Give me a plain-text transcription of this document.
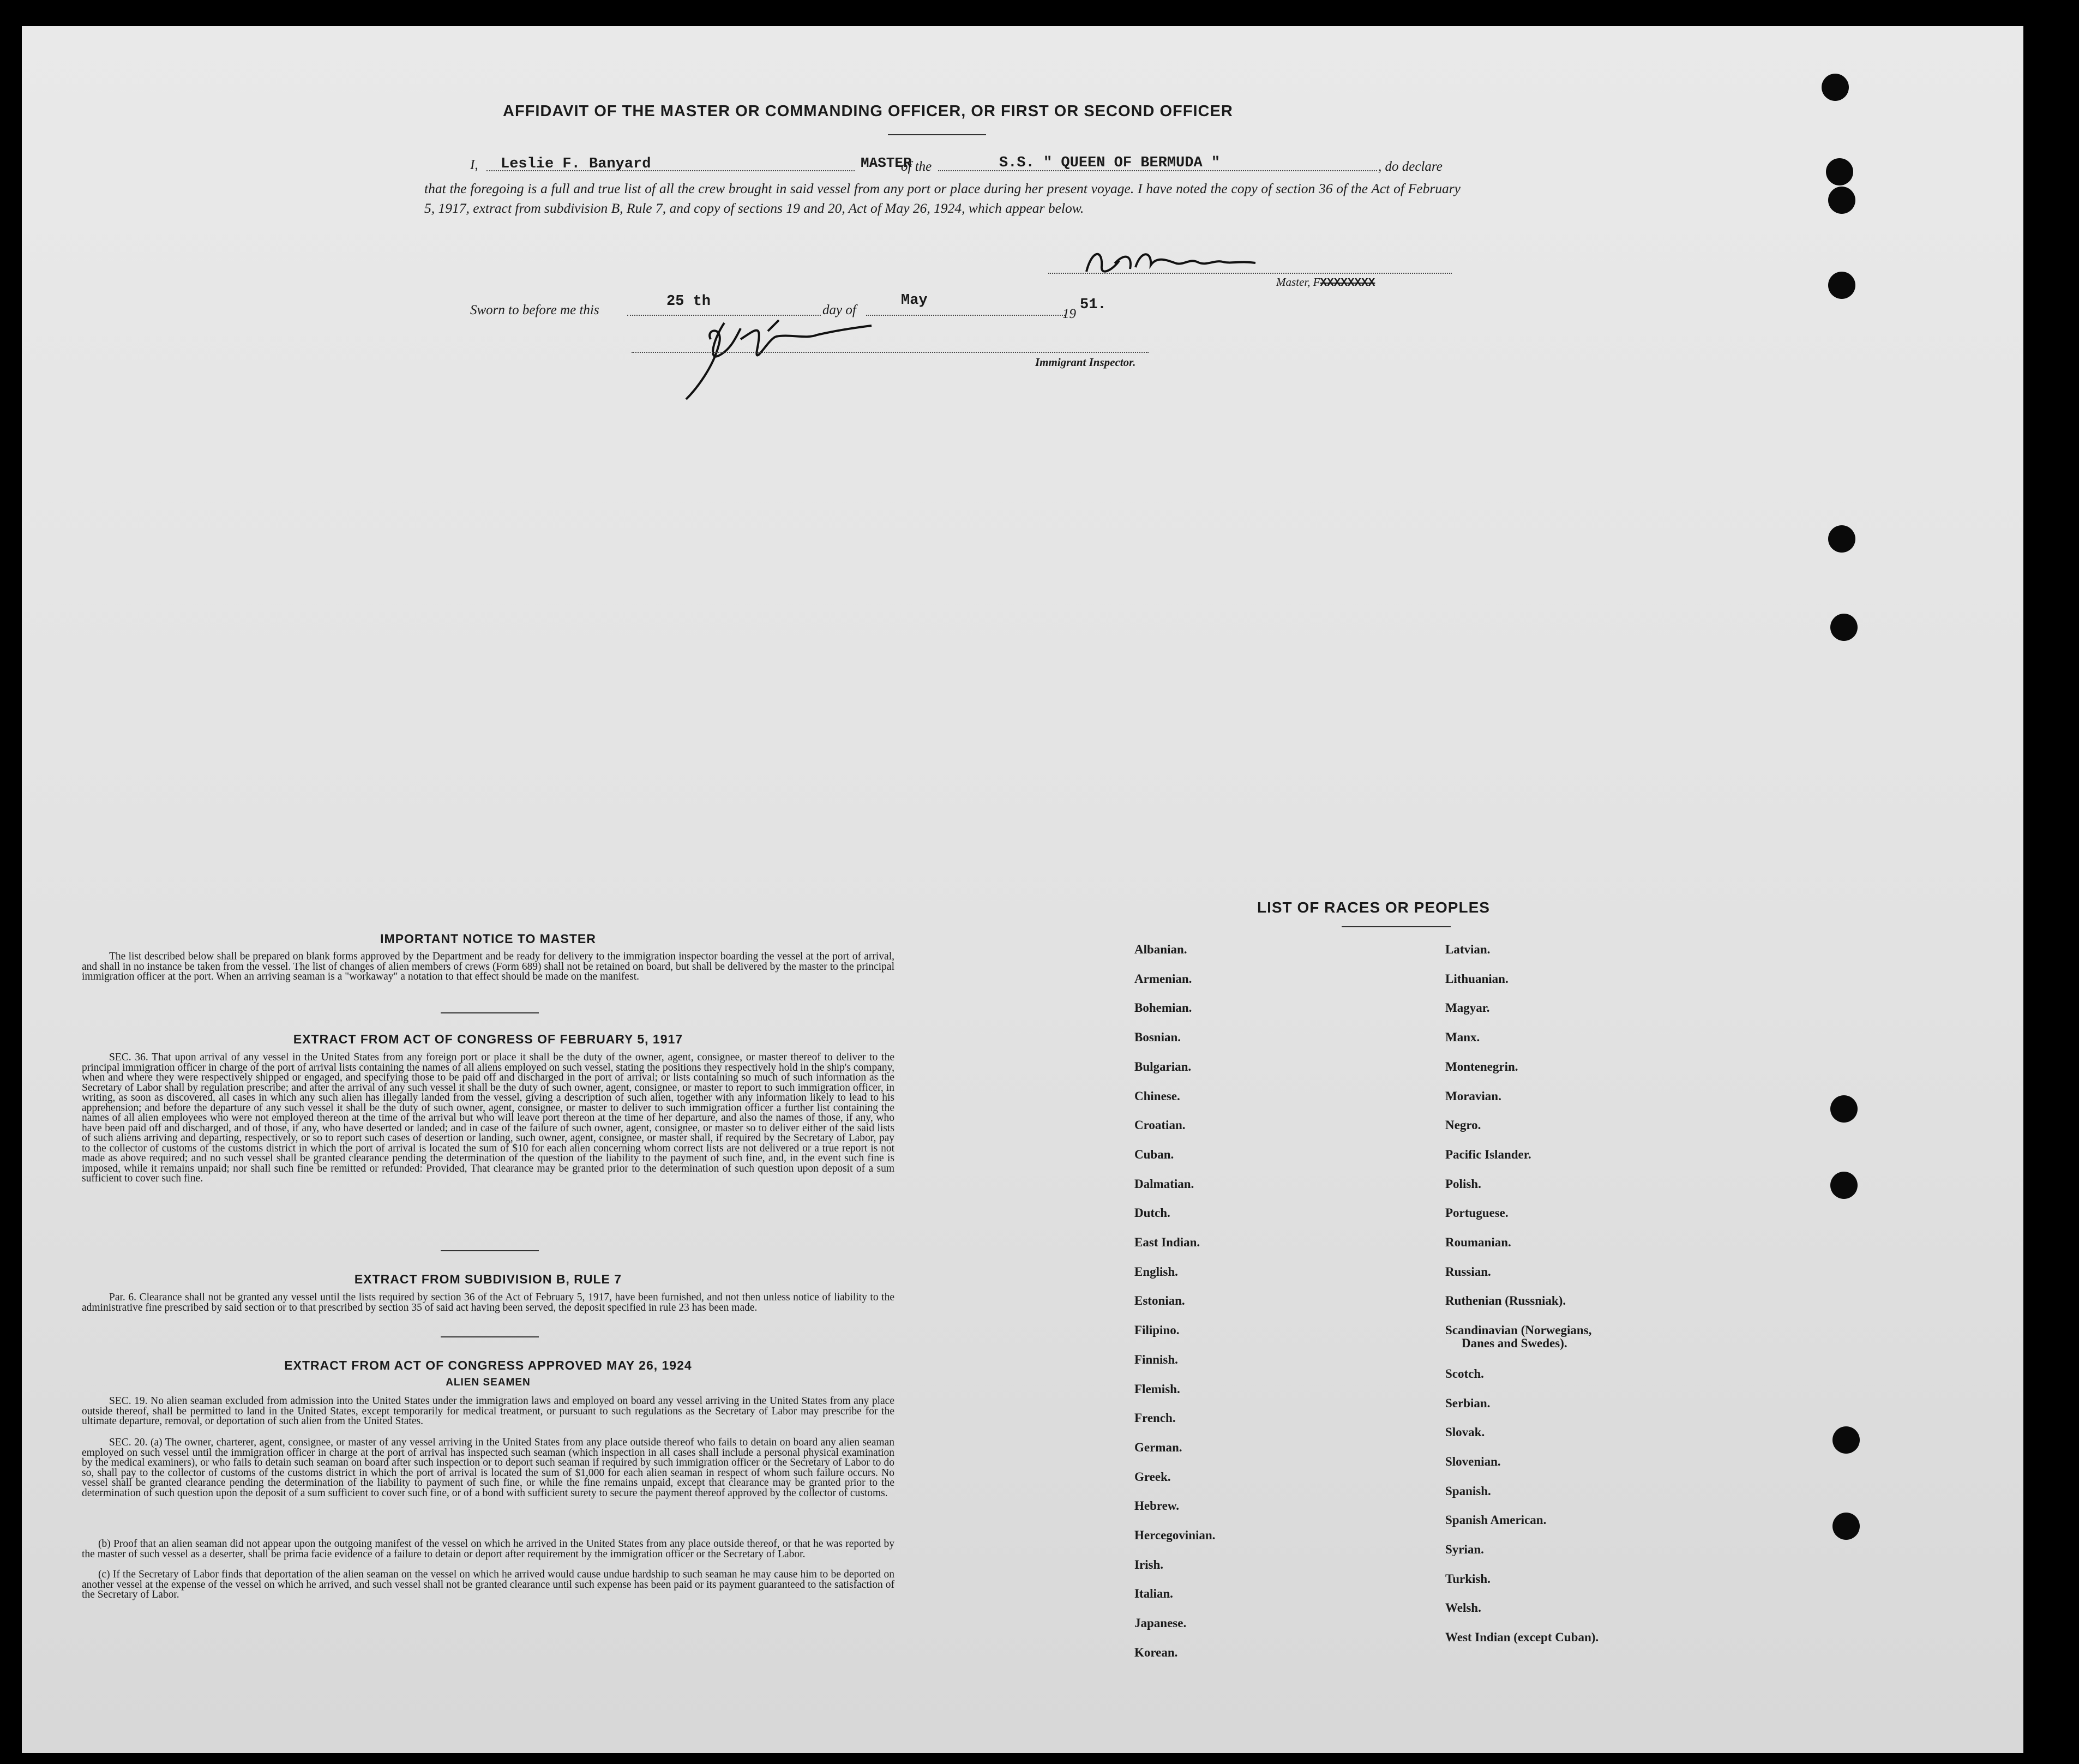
AFFIDAVIT OF THE MASTER OR COMMANDING OFFICER, OR FIRST OR SECOND OFFICER
I, Leslie F. Banyard	MASTER
of the	S.S. " QUEEN OF BERMUDA "	, do declare
that the foregoing is a full and true list of all the crew brought in said vessel from any port or place during her present voyage. I have noted the copy of section 36 of the Act of February 5, 1917, extract from subdivision B, Rule 7, and copy of sections 19 and 20, Act of May 26, 1924, which appear below.
Master, FXXXXXXXX
Sworn to before me this
25 th
day of
May
19
51.
Immigrant Inspector.
IMPORTANT NOTICE TO MASTER
The list described below shall be prepared on blank forms approved by the Department and be ready for delivery to the immigration inspector boarding the vessel at the port of arrival, and shall in no instance be taken from the vessel. The list of changes of alien members of crews (Form 689) shall not be retained on board, but shall be delivered by the master to the principal immigration officer at the port. When an arriving seaman is a "workaway" a notation to that effect should be made on the manifest.
EXTRACT FROM ACT OF CONGRESS OF FEBRUARY 5, 1917
SEC. 36. That upon arrival of any vessel in the United States from any foreign port or place it shall be the duty of the owner, agent, consignee, or master thereof to deliver to the principal immigration officer in charge of the port of arrival lists containing the names of all aliens employed on such vessel, stating the positions they respectively hold in the ship's company, when and where they were respectively shipped or engaged, and specifying those to be paid off and discharged in the port of arrival; or lists containing so much of such information as the Secretary of Labor shall by regulation prescribe; and after the arrival of any such vessel it shall be the duty of such owner, agent, consignee, or master to report to such immigration officer, in writing, as soon as discovered, all cases in which any such alien has illegally landed from the vessel, giving a description of such alien, together with any information likely to lead to his apprehension; and before the departure of any such vessel it shall be the duty of such owner, agent, consignee, or master to deliver to such immigration officer a further list containing the names of all alien employees who were not employed thereon at the time of the arrival but who will leave port thereon at the time of her departure, and also the names of those, if any, who have been paid off and discharged, and of those, if any, who have deserted or landed; and in case of the failure of such owner, agent, consignee, or master so to deliver either of the said lists of such aliens arriving and departing, respectively, or so to report such cases of desertion or landing, such owner, agent, consignee, or master shall, if required by the Secretary of Labor, pay to the collector of customs of the customs district in which the port of arrival is located the sum of $10 for each alien concerning whom correct lists are not delivered or a true report is not made as above required; and no such vessel shall be granted clearance pending the determination of the question of the liability to the payment of such fine, and, in the event such fine is imposed, while it remains unpaid; nor shall such fine be remitted or refunded: Provided, That clearance may be granted prior to the determination of such question upon deposit of a sum sufficient to cover such fine.
EXTRACT FROM SUBDIVISION B, RULE 7
Par. 6. Clearance shall not be granted any vessel until the lists required by section 36 of the Act of February 5, 1917, have been furnished, and not then unless notice of liability to the administrative fine prescribed by said section or to that prescribed by section 35 of said act having been served, the deposit specified in rule 23 has been made.
EXTRACT FROM ACT OF CONGRESS APPROVED MAY 26, 1924
ALIEN SEAMEN
SEC. 19. No alien seaman excluded from admission into the United States under the immigration laws and employed on board any vessel arriving in the United States from any place outside thereof, shall be permitted to land in the United States, except temporarily for medical treatment, or pursuant to such regulations as the Secretary of Labor may prescribe for the ultimate departure, removal, or deportation of such alien from the United States.
SEC. 20. (a) The owner, charterer, agent, consignee, or master of any vessel arriving in the United States from any place outside thereof who fails to detain on board any alien seaman employed on such vessel until the immigration officer in charge at the port of arrival has inspected such seaman (which inspection in all cases shall include a personal physical examination by the medical examiners), or who fails to detain such seaman on board after such inspection or to deport such seaman if required by such immigration officer or the Secretary of Labor to do so, shall pay to the collector of customs of the customs district in which the port of arrival is located the sum of $1,000 for each alien seaman in respect of whom such failure occurs. No vessel shall be granted clearance pending the determination of the liability to payment of such fine, or while the fine remains unpaid, except that clearance may be granted prior to the determination of such question upon the deposit of a sum sufficient to cover such fine, or of a bond with sufficient surety to secure the payment thereof approved by the collector of customs.
(b) Proof that an alien seaman did not appear upon the outgoing manifest of the vessel on which he arrived in the United States from any place outside thereof, or that he was reported by the master of such vessel as a deserter, shall be prima facie evidence of a failure to detain or deport after requirement by the immigration officer or the Secretary of Labor.
(c) If the Secretary of Labor finds that deportation of the alien seaman on the vessel on which he arrived would cause undue hardship to such seaman he may cause him to be deported on another vessel at the expense of the vessel on which he arrived, and such vessel shall not be granted clearance until such expense has been paid or its payment guaranteed to the satisfaction of the Secretary of Labor.
LIST OF RACES OR PEOPLES
Albanian.
Armenian.
Bohemian.
Bosnian.
Bulgarian.
Chinese.
Croatian.
Cuban.
Dalmatian.
Dutch.
East Indian.
English.
Estonian.
Filipino.
Finnish.
Flemish.
French.
German.
Greek.
Hebrew.
Hercegovinian.
Irish.
Italian.
Japanese.
Korean.
Latvian.
Lithuanian.
Magyar.
Manx.
Montenegrin.
Moravian.
Negro.
Pacific Islander.
Polish.
Portuguese.
Roumanian.
Russian.
Ruthenian (Russniak).
Scandinavian (Norwegians,
Danes and Swedes).
Scotch.
Serbian.
Slovak.
Slovenian.
Spanish.
Spanish American.
Syrian.
Turkish.
Welsh.
West Indian (except Cuban).
